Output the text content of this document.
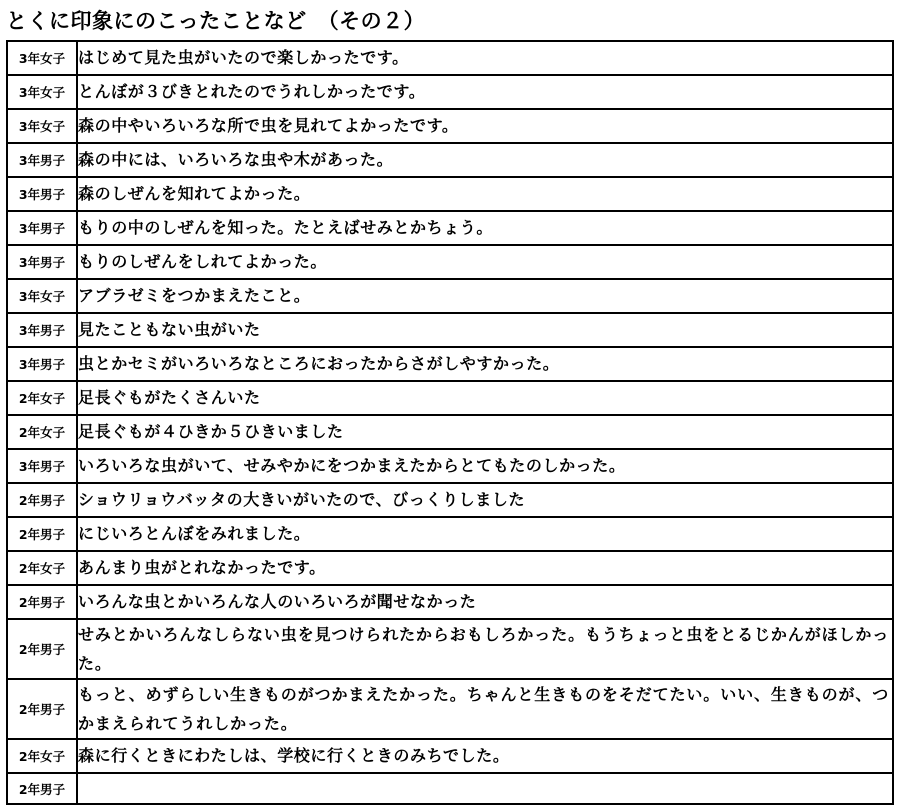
とくに印象にのこったことなど　（その２）
3年女子	はじめて見た虫がいたので楽しかったです。
3年女子	とんぼが３びきとれたのでうれしかったです。
3年女子	森の中やいろいろな所で虫を見れてよかったです。
3年男子	森の中には、いろいろな虫や木があった。
3年男子	森のしぜんを知れてよかった。
3年男子	もりの中のしぜんを知った。たとえばせみとかちょう。
3年男子	もりのしぜんをしれてよかった。
3年女子	アブラゼミをつかまえたこと。
3年男子	見たこともない虫がいた
3年男子	虫とかセミがいろいろなところにおったからさがしやすかった。
2年女子	足長ぐもがたくさんいた
2年女子	足長ぐもが４ひきか５ひきいました
3年男子	いろいろな虫がいて、せみやかにをつかまえたからとてもたのしかった。
2年男子	ショウリョウバッタの大きいがいたので、びっくりしました
2年男子	にじいろとんぼをみれました。
2年女子	あんまり虫がとれなかったです。
2年男子	いろんな虫とかいろんな人のいろいろが聞せなかった
2年男子	せみとかいろんなしらない虫を見つけられたからおもしろかった。もうちょっと虫をとるじかんがほしかった。
2年男子	もっと、めずらしい生きものがつかまえたかった。ちゃんと生きものをそだてたい。いい、生きものが、つかまえられてうれしかった。
2年女子	森に行くときにわたしは、学校に行くときのみちでした。
2年男子	
